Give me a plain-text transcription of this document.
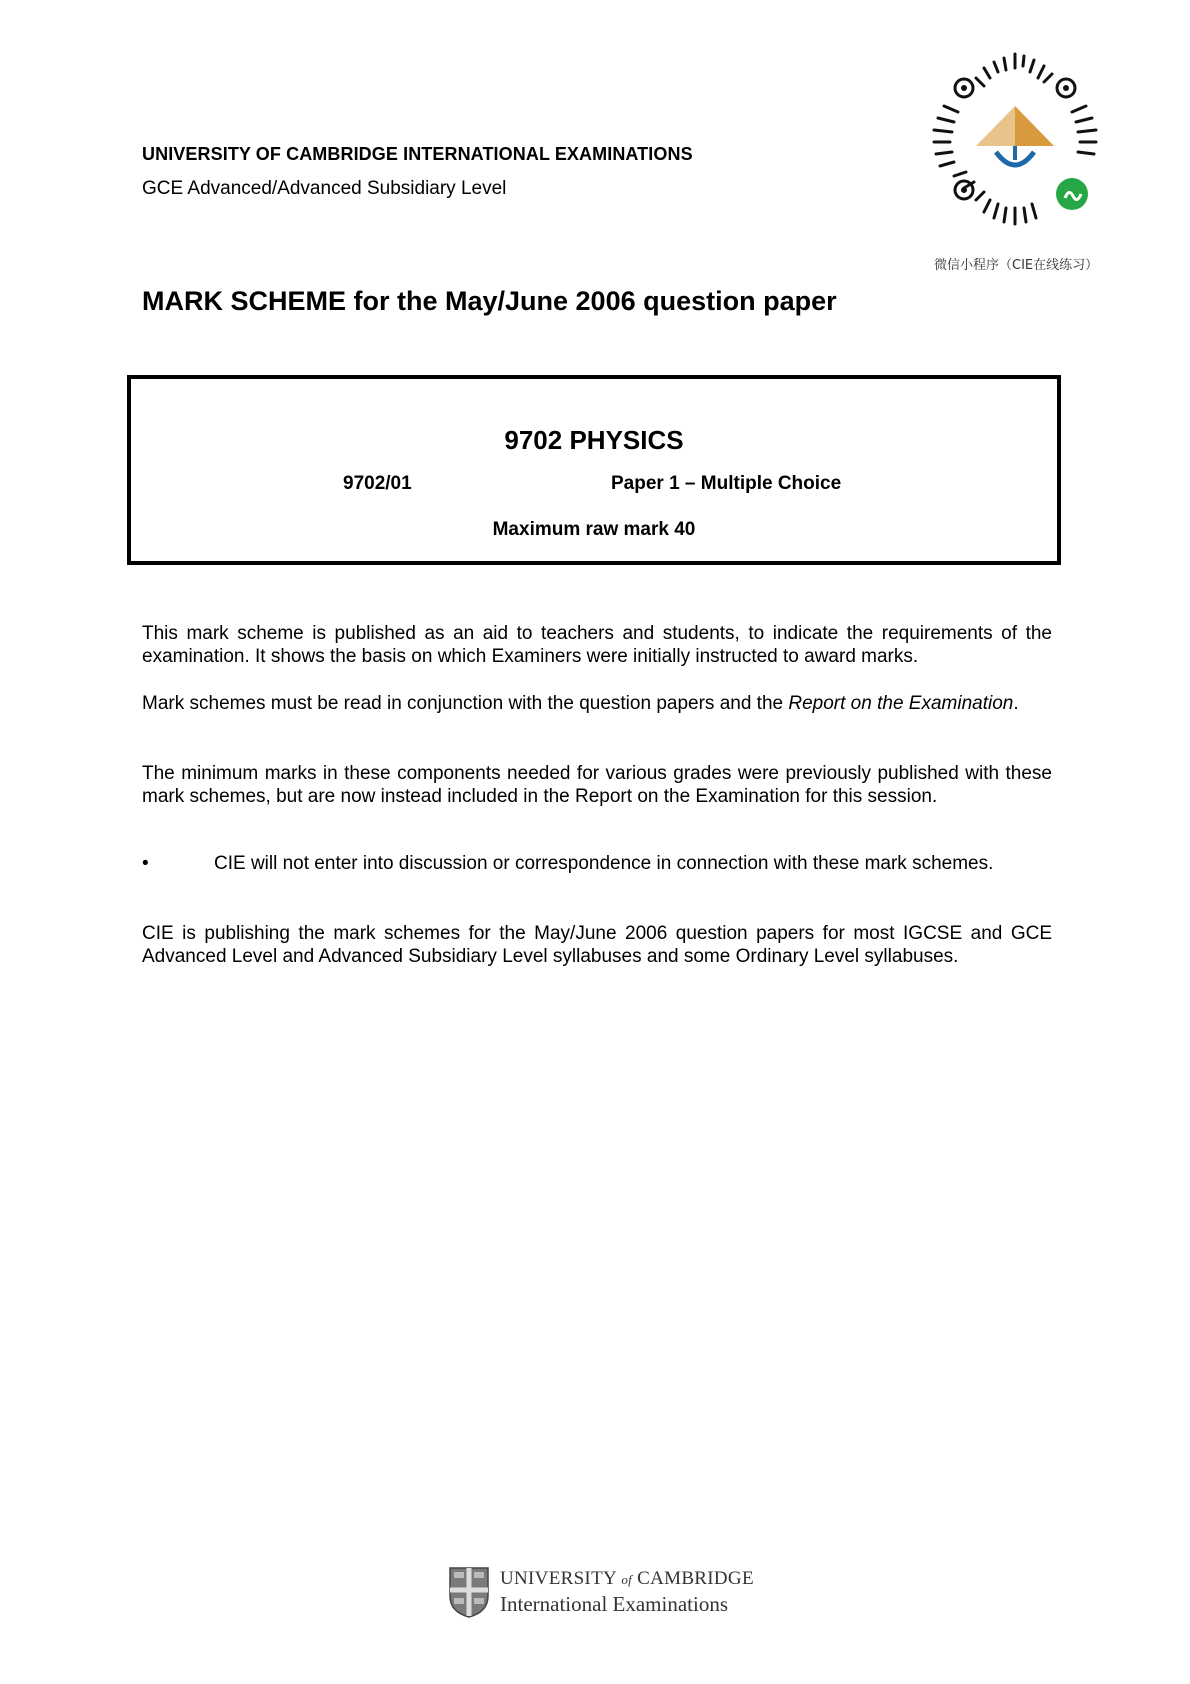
UNIVERSITY OF CAMBRIDGE INTERNATIONAL EXAMINATIONS
GCE Advanced/Advanced Subsidiary Level
MARK SCHEME for the May/June 2006 question paper
微信小程序（CIE在线练习）
9702 PHYSICS
9702/01	Paper 1 – Multiple Choice
Maximum raw mark 40
This mark scheme is published as an aid to teachers and students, to indicate the requirements of the examination. It shows the basis on which Examiners were initially instructed to award marks.
Mark schemes must be read in conjunction with the question papers and the Report on the Examination.
The minimum marks in these components needed for various grades were previously published with these mark schemes, but are now instead included in the Report on the Examination for this session.
•	CIE will not enter into discussion or correspondence in connection with these mark schemes.
CIE is publishing the mark schemes for the May/June 2006 question papers for most IGCSE and GCE Advanced Level and Advanced Subsidiary Level syllabuses and some Ordinary Level syllabuses.
UNIVERSITY of CAMBRIDGE
International Examinations
